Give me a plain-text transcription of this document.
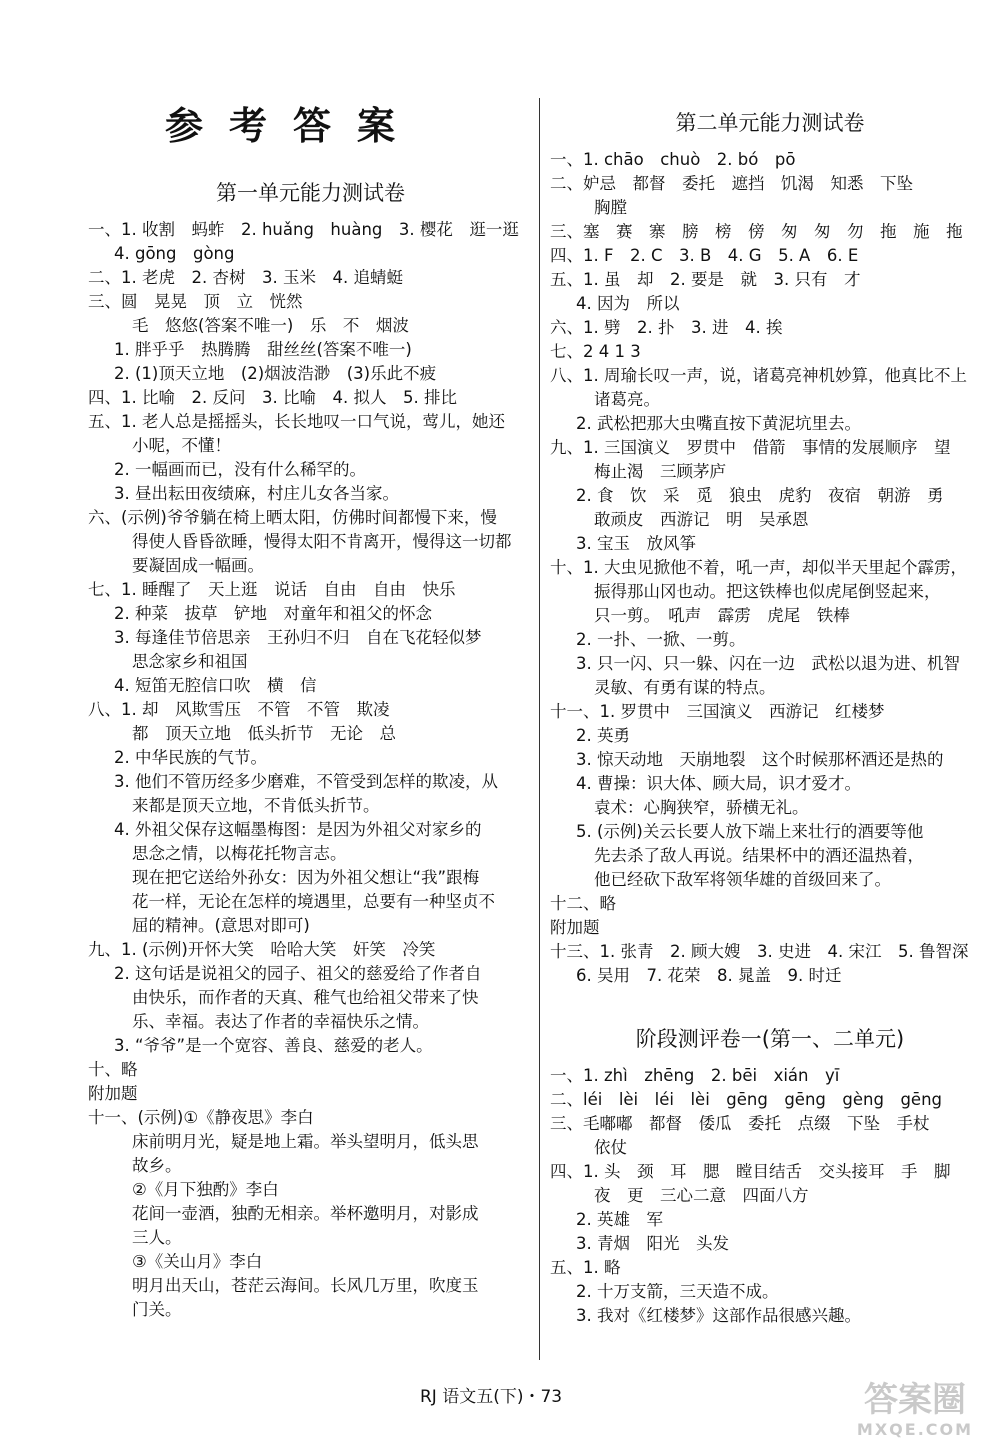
参考答案
第一单元能力测试卷
一、1. 收割　蚂蚱　2. huǎng　huàng　3. 樱花　逛一逛
4. gōng　gòng
二、1. 老虎　2. 杏树　3. 玉米　4. 追蜻蜓
三、圆　晃晃　顶　立　恍然
毛　悠悠(答案不唯一)　乐　不　烟波
1. 胖乎乎　热腾腾　甜丝丝(答案不唯一)
2. (1)顶天立地　(2)烟波浩渺　(3)乐此不疲
四、1. 比喻　2. 反问　3. 比喻　4. 拟人　5. 排比
五、1. 老人总是摇摇头，长长地叹一口气说，莺儿，她还
小呢，不懂！
2. 一幅画而已，没有什么稀罕的。
3. 昼出耘田夜绩麻，村庄儿女各当家。
六、(示例)爷爷躺在椅上晒太阳，仿佛时间都慢下来，慢
得使人昏昏欲睡，慢得太阳不肯离开，慢得这一切都
要凝固成一幅画。
七、1. 睡醒了　天上逛　说话　自由　自由　快乐
2. 种菜　拔草　铲地　对童年和祖父的怀念
3. 每逢佳节倍思亲　王孙归不归　自在飞花轻似梦
思念家乡和祖国
4. 短笛无腔信口吹　横　信
八、1. 却　风欺雪压　不管　不管　欺凌
都　顶天立地　低头折节　无论　总
2. 中华民族的气节。
3. 他们不管历经多少磨难，不管受到怎样的欺凌，从
来都是顶天立地，不肯低头折节。
4. 外祖父保存这幅墨梅图：是因为外祖父对家乡的
思念之情，以梅花托物言志。
现在把它送给外孙女：因为外祖父想让“我”跟梅
花一样，无论在怎样的境遇里，总要有一种坚贞不
屈的精神。(意思对即可)
九、1. (示例)开怀大笑　哈哈大笑　奸笑　冷笑
2. 这句话是说祖父的园子、祖父的慈爱给了作者自
由快乐，而作者的天真、稚气也给祖父带来了快
乐、幸福。表达了作者的幸福快乐之情。
3. “爷爷”是一个宽容、善良、慈爱的老人。
十、略
附加题
十一、(示例)①《静夜思》李白
床前明月光，疑是地上霜。举头望明月，低头思
故乡。
②《月下独酌》李白
花间一壶酒，独酌无相亲。举杯邀明月，对影成
三人。
③《关山月》李白
明月出天山，苍茫云海间。长风几万里，吹度玉
门关。
第二单元能力测试卷
一、1. chāo　chuò　2. bó　pō
二、妒忌　都督　委托　遮挡　饥渴　知悉　下坠
胸膛
三、塞　赛　寨　膀　榜　傍　匆　匆　勿　拖　施　拖
四、1. F　2. C　3. B　4. G　5. A　6. E
五、1. 虽　却　2. 要是　就　3. 只有　才
4. 因为　所以
六、1. 劈　2. 扑　3. 进　4. 挨
七、2 4 1 3
八、1. 周瑜长叹一声，说，诸葛亮神机妙算，他真比不上
诸葛亮。
2. 武松把那大虫嘴直按下黄泥坑里去。
九、1. 三国演义　罗贯中　借箭　事情的发展顺序　望
梅止渴　三顾茅庐
2. 食　饮　采　觅　狼虫　虎豹　夜宿　朝游　勇
敢顽皮　西游记　明　吴承恩
3. 宝玉　放风筝
十、1. 大虫见掀他不着，吼一声，却似半天里起个霹雳，
振得那山冈也动。把这铁棒也似虎尾倒竖起来，
只一剪。　吼声　霹雳　虎尾　铁棒
2. 一扑、一掀、一剪。
3. 只一闪、只一躲、闪在一边　武松以退为进、机智
灵敏、有勇有谋的特点。
十一、1. 罗贯中　三国演义　西游记　红楼梦
2. 英勇
3. 惊天动地　天崩地裂　这个时候那杯酒还是热的
4. 曹操：识大体、顾大局，识才爱才。
袁术：心胸狭窄，骄横无礼。
5. (示例)关云长要人放下端上来壮行的酒要等他
先去杀了敌人再说。结果杯中的酒还温热着，
他已经砍下敌军将领华雄的首级回来了。
十二、略
附加题
十三、1. 张青　2. 顾大嫂　3. 史进　4. 宋江　5. 鲁智深
6. 吴用　7. 花荣　8. 晁盖　9. 时迁
阶段测评卷一(第一、二单元)
一、1. zhì　zhēng　2. bēi　xián　yī
二、léi　lèi　léi　lèi　gēng　gēng　gèng　gēng
三、毛嘟嘟　都督　倭瓜　委托　点缀　下坠　手杖
依仗
四、1. 头　颈　耳　腮　瞠目结舌　交头接耳　手　脚
夜　更　三心二意　四面八方
2. 英雄　军
3. 青烟　阳光　头发
五、1. 略
2. 十万支箭，三天造不成。
3. 我对《红楼梦》这部作品很感兴趣。
RJ 语文五(下)・73	答案圈
MXQE.COM
